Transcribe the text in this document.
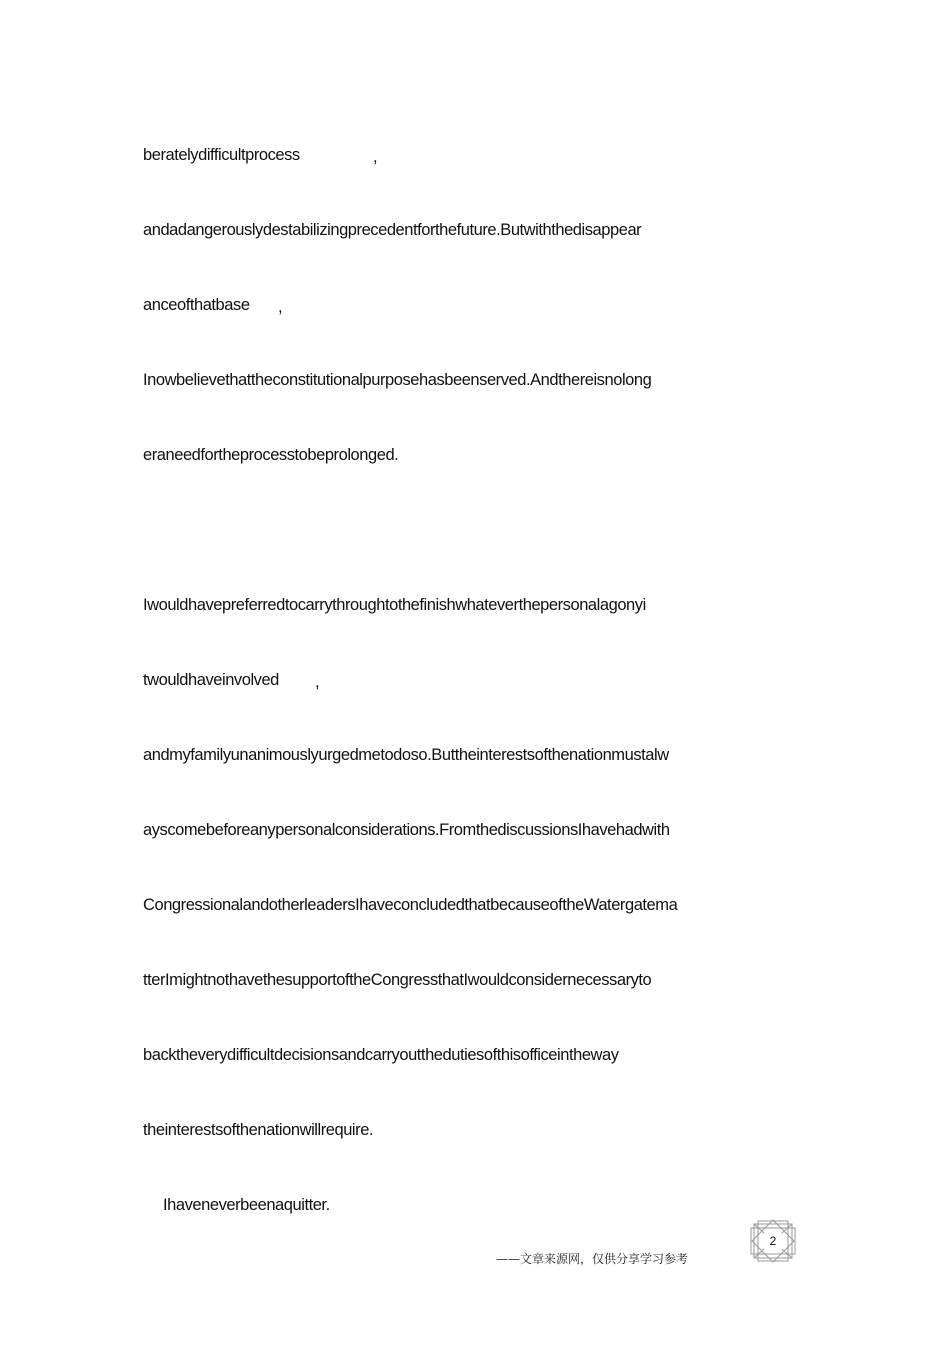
beratelydifficultprocess	,
andadangerouslydestabilizingprecedentforthefuture.Butwiththedisappear
anceofthatbase ,
Inowbelievethattheconstitutionalpurposehasbeenserved.Andthereisnolong
eraneedfortheprocesstobeprolonged.
Iwouldhavepreferredtocarrythroughtothefinishwhateverthepersonalagonyi
twouldhaveinvolved ,
andmyfamilyunanimouslyurgedmetodoso.Buttheinterestsofthenationmustalw
ayscomebeforeanypersonalconsiderations.FromthediscussionsIhavehadwith
CongressionalandotherleadersIhaveconcludedthatbecauseoftheWatergatema
tterImightnothavethesupportoftheCongressthatIwouldconsidernecessaryto
backtheverydifficultdecisionsandcarryoutthedutiesofthisofficeintheway
theinterestsofthenationwillrequire.
Ihaveneverbeenaquitter.
——文章来源网，仅供分享学习参考
2
